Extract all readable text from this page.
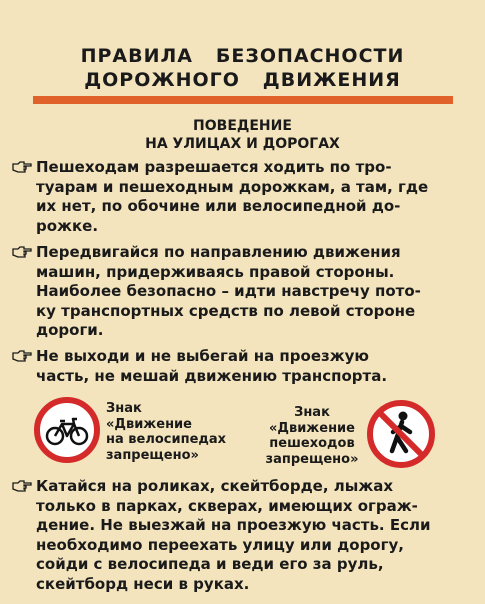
ПРАВИЛА   БЕЗОПАСНОСТИ
ДОРОЖНОГО   ДВИЖЕНИЯ
ПОВЕДЕНИЕ
НА УЛИЦАХ И ДОРОГАХ
Пешеходам разрешается ходить по тро-
туарам и пешеходным дорожкам, а там, где
их нет, по обочине или велосипедной до-
рожке.
Передвигайся по направлению движения
машин, придерживаясь правой стороны.
Наиболее безопасно – идти навстречу пото-
ку транспортных средств по левой стороне
дороги.
Не выходи и не выбегай на проезжую
часть, не мешай движению транспорта.
Знак
«Движение
на велосипедах
запрещено»
Знак
«Движение
пешеходов
запрещено»
Катайся на роликах, скейтборде, лыжах
только в парках, скверах, имеющих ограж-
дение. Не выезжай на проезжую часть. Если
необходимо переехать улицу или дорогу,
сойди с велосипеда и веди его за руль,
скейтборд неси в руках.
